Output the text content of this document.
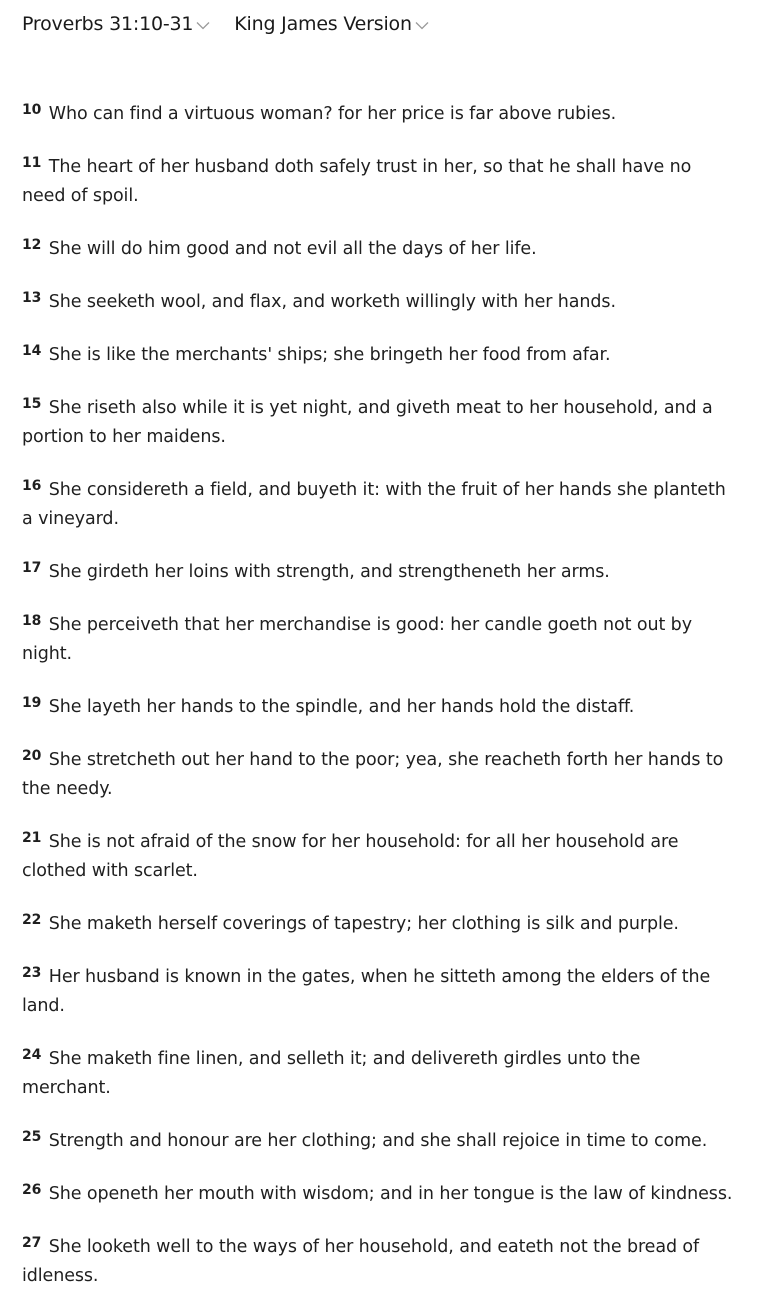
Proverbs 31:10-31 King James Version

$^{10}$ Who can find a virtuous woman? for her price is far above rubies.

$^{11}$ The heart of her husband doth safely trust in her, so that he shall have no need of spoil.

$^{12}$ She will do him good and not evil all the days of her life.

$^{13}$ She seeketh wool, and flax, and worketh willingly with her hands.

$^{14}$ She is like the merchants' ships; she bringeth her food from afar.

$^{15}$ She riseth also while it is yet night, and giveth meat to her household, and a portion to her maidens.

$^{16}$ She considereth a field, and buyeth it: with the fruit of her hands she planteth a vineyard.

$^{17}$ She girdeth her loins with strength, and strengtheneth her arms.

$^{18}$ She perceiveth that her merchandise is good: her candle goeth not out by night.

$^{19}$ She layeth her hands to the spindle, and her hands hold the distaff.

$^{20}$ She stretcheth out her hand to the poor; yea, she reacheth forth her hands to the needy.

$^{21}$ She is not afraid of the snow for her household: for all her household are clothed with scarlet.

$^{22}$ She maketh herself coverings of tapestry; her clothing is silk and purple.

$^{23}$ Her husband is known in the gates, when he sitteth among the elders of the land.

$^{24}$ She maketh fine linen, and selleth it; and delivereth girdles unto the merchant.

$^{25}$ Strength and honour are her clothing; and she shall rejoice in time to come.

$^{26}$ She openeth her mouth with wisdom; and in her tongue is the law of kindness.

$^{27}$ She looketh well to the ways of her household, and eateth not the bread of idleness.
